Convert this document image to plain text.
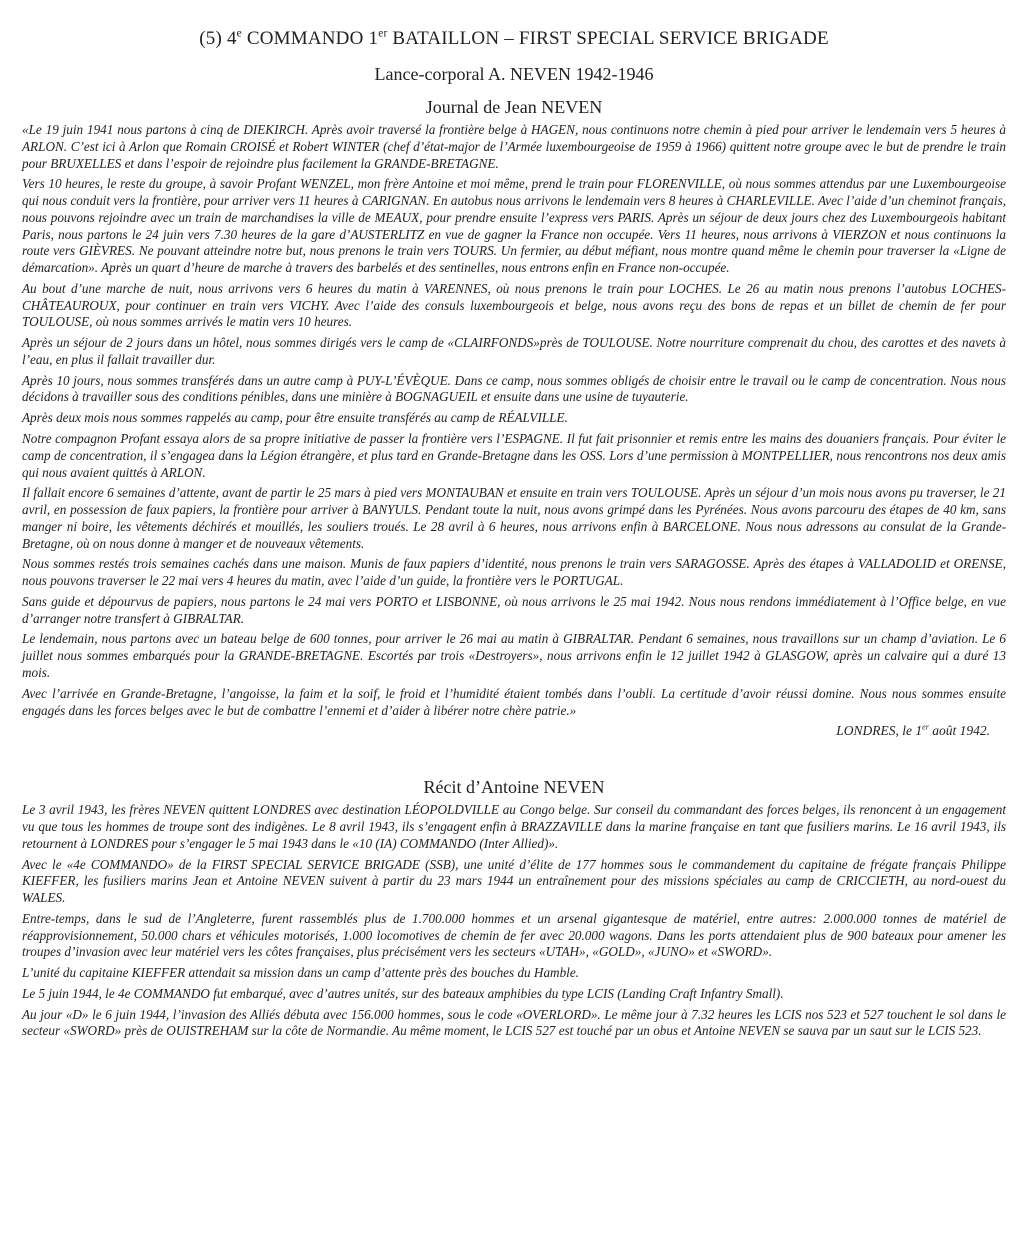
(5) 4e COMMANDO 1er BATAILLON – FIRST SPECIAL SERVICE BRIGADE
Lance-corporal A. NEVEN 1942-1946
Journal de Jean NEVEN

«Le 19 juin 1941 nous partons à cinq de DIEKIRCH. Après avoir traversé la frontière belge à HAGEN, nous continuons notre chemin à pied pour arriver le lendemain vers 5 heures à ARLON. C’est ici à Arlon que Romain CROISÉ et Robert WINTER (chef d’état-major de l’Armée luxembourgeoise de 1959 à 1966) quittent notre groupe avec le but de prendre le train pour BRUXELLES et dans l’espoir de rejoindre plus facilement la GRANDE-BRETAGNE.

Vers 10 heures, le reste du groupe, à savoir Profant WENZEL, mon frère Antoine et moi même, prend le train pour FLORENVILLE, où nous sommes attendus par une Luxembourgeoise qui nous conduit vers la frontière, pour arriver vers 11 heures à CARIGNAN. En autobus nous arrivons le lendemain vers 8 heures à CHARLEVILLE. Avec l’aide d’un cheminot français, nous pouvons rejoindre avec un train de marchandises la ville de MEAUX, pour prendre ensuite l’express vers PARIS. Après un séjour de deux jours chez des Luxembourgeois habitant Paris, nous partons le 24 juin vers 7.30 heures de la gare d’AUSTERLITZ en vue de gagner la France non occupée. Vers 11 heures, nous arrivons à VIERZON et nous continuons la route vers GIÈVRES. Ne pouvant atteindre notre but, nous prenons le train vers TOURS. Un fermier, au début méfiant, nous montre quand même le chemin pour traverser la «Ligne de démarcation». Après un quart d’heure de marche à travers des barbelés et des sentinelles, nous entrons enfin en France non-occupée.

Au bout d’une marche de nuit, nous arrivons vers 6 heures du matin à VARENNES, où nous prenons le train pour LOCHES. Le 26 au matin nous prenons l’autobus LOCHES-CHÂTEAUROUX, pour continuer en train vers VICHY. Avec l’aide des consuls luxembourgeois et belge, nous avons reçu des bons de repas et un billet de chemin de fer pour TOULOUSE, où nous sommes arrivés le matin vers 10 heures.

Après un séjour de 2 jours dans un hôtel, nous sommes dirigés vers le camp de «CLAIRFONDS»près de TOULOUSE. Notre nourriture comprenait du chou, des carottes et des navets à l’eau, en plus il fallait travailler dur.

Après 10 jours, nous sommes transférés dans un autre camp à PUY-L’ÉVÈQUE. Dans ce camp, nous sommes obligés de choisir entre le travail ou le camp de concentration. Nous nous décidons à travailler sous des conditions pénibles, dans une minière à BOGNAGUEIL et ensuite dans une usine de tuyauterie.

Après deux mois nous sommes rappelés au camp, pour être ensuite transférés au camp de RÉALVILLE.

Notre compagnon Profant essaya alors de sa propre initiative de passer la frontière vers l’ESPAGNE. Il fut fait prisonnier et remis entre les mains des douaniers français. Pour éviter le camp de concentration, il s’engagea dans la Légion étrangère, et plus tard en Grande-Bretagne dans les OSS. Lors d’une permission à MONTPELLIER, nous rencontrons nos deux amis qui nous avaient quittés à ARLON.

Il fallait encore 6 semaines d’attente, avant de partir le 25 mars à pied vers MONTAUBAN et ensuite en train vers TOULOUSE. Après un séjour d’un mois nous avons pu traverser, le 21 avril, en possession de faux papiers, la frontière pour arriver à BANYULS. Pendant toute la nuit, nous avons grimpé dans les Pyrénées. Nous avons parcouru des étapes de 40 km, sans manger ni boire, les vêtements déchirés et mouillés, les souliers troués. Le 28 avril à 6 heures, nous arrivons enfin à BARCELONE. Nous nous adressons au consulat de la Grande-Bretagne, où on nous donne à manger et de nouveaux vêtements.

Nous sommes restés trois semaines cachés dans une maison. Munis de faux papiers d’identité, nous prenons le train vers SARAGOSSE. Après des étapes à VALLADOLID et ORENSE, nous pouvons traverser le 22 mai vers 4 heures du matin, avec l’aide d’un guide, la frontière vers le PORTUGAL.

Sans guide et dépourvus de papiers, nous partons le 24 mai vers PORTO et LISBONNE, où nous arrivons le 25 mai 1942. Nous nous rendons immédiatement à l’Office belge, en vue d’arranger notre transfert à GIBRALTAR.

Le lendemain, nous partons avec un bateau belge de 600 tonnes, pour arriver le 26 mai au matin à GIBRALTAR. Pendant 6 semaines, nous travaillons sur un champ d’aviation. Le 6 juillet nous sommes embarqués pour la GRANDE-BRETAGNE. Escortés par trois «Destroyers», nous arrivons enfin le 12 juillet 1942 à GLASGOW, après un calvaire qui a duré 13 mois.

Avec l’arrivée en Grande-Bretagne, l’angoisse, la faim et la soif, le froid et l’humidité étaient tombés dans l’oubli. La certitude d’avoir réussi domine. Nous nous sommes ensuite engagés dans les forces belges avec le but de combattre l’ennemi et d’aider à libérer notre chère patrie.»

LONDRES, le 1er août 1942.
Récit d’Antoine NEVEN

Le 3 avril 1943, les frères NEVEN quittent LONDRES avec destination LÉOPOLDVILLE au Congo belge. Sur conseil du commandant des forces belges, ils renoncent à un engagement vu que tous les hommes de troupe sont des indigènes. Le 8 avril 1943, ils s’engagent enfin à BRAZZAVILLE dans la marine française en tant que fusiliers marins. Le 16 avril 1943, ils retournent à LONDRES pour s’engager le 5 mai 1943 dans le «10 (IA) COMMANDO (Inter Allied)».

Avec le «4e COMMANDO» de la FIRST SPECIAL SERVICE BRIGADE (SSB), une unité d’élite de 177 hommes sous le commandement du capitaine de frégate français Philippe KIEFFER, les fusiliers marins Jean et Antoine NEVEN suivent à partir du 23 mars 1944 un entraînement pour des missions spéciales au camp de CRICCIETH, au nord-ouest du WALES.

Entre-temps, dans le sud de l’Angleterre, furent rassemblés plus de 1.700.000 hommes et un arsenal gigantesque de matériel, entre autres: 2.000.000 tonnes de matériel de réapprovisionnement, 50.000 chars et véhicules motorisés, 1.000 locomotives de chemin de fer avec 20.000 wagons. Dans les ports attendaient plus de 900 bateaux pour amener les troupes d’invasion avec leur matériel vers les côtes françaises, plus précisément vers les secteurs «UTAH», «GOLD», «JUNO» et «SWORD».

L’unité du capitaine KIEFFER attendait sa mission dans un camp d’attente près des bouches du Hamble.

Le 5 juin 1944, le 4e COMMANDO fut embarqué, avec d’autres unités, sur des bateaux amphibies du type LCIS (Landing Craft Infantry Small).

Au jour «D» le 6 juin 1944, l’invasion des Alliés débuta avec 156.000 hommes, sous le code «OVERLORD». Le même jour à 7.32 heures les LCIS nos 523 et 527 touchent le sol dans le secteur «SWORD» près de OUISTREHAM sur la côte de Normandie. Au même moment, le LCIS 527 est touché par un obus et Antoine NEVEN se sauva par un saut sur le LCIS 523.
